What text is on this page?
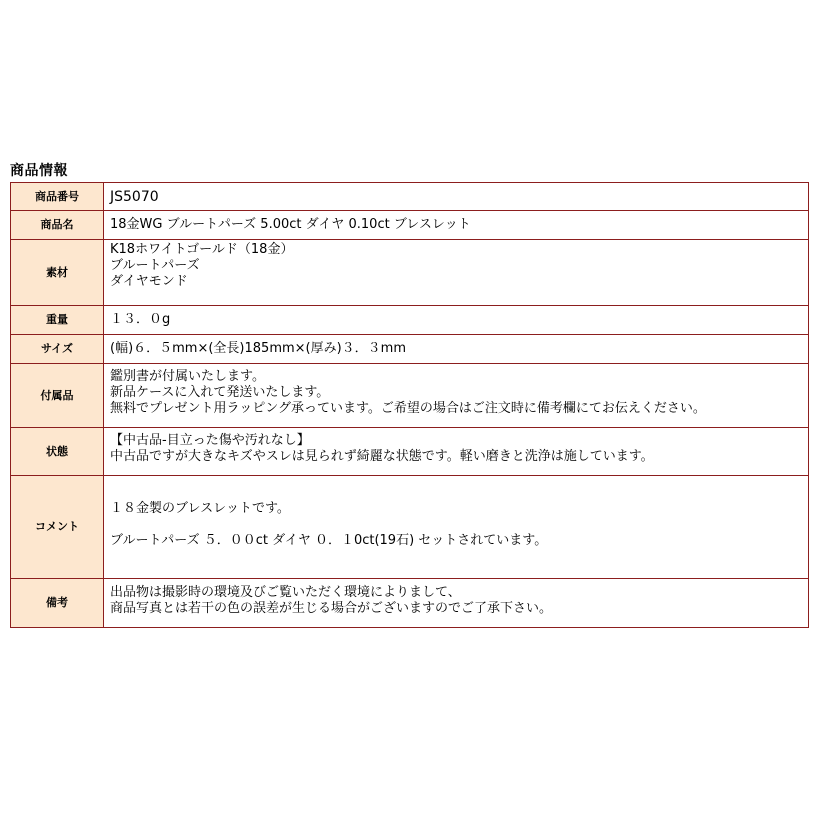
商品情報
商品番号	JS5070

商品名	18金WG ブルートパーズ 5.00ct ダイヤ 0.10ct ブレスレット

素材	K18ホワイトゴールド（18金）
ブルートパーズ
ダイヤモンド

重量	１３．０g

サイズ	(幅)６．５mm×(全長)185mm×(厚み)３．３mm

付属品	鑑別書が付属いたします。
新品ケースに入れて発送いたします。
無料でプレゼント用ラッピング承っています。ご希望の場合はご注文時に備考欄にてお伝えください。

状態	【中古品-目立った傷や汚れなし】
中古品ですが大きなキズやスレは見られず綺麗な状態です。軽い磨きと洗浄は施しています。

コメント	１８金製のブレスレットです。
ブルートパーズ ５．００ct ダイヤ ０．１0ct(19石) セットされています。

備考	出品物は撮影時の環境及びご覧いただく環境によりまして、
商品写真とは若干の色の誤差が生じる場合がございますのでご了承下さい。
